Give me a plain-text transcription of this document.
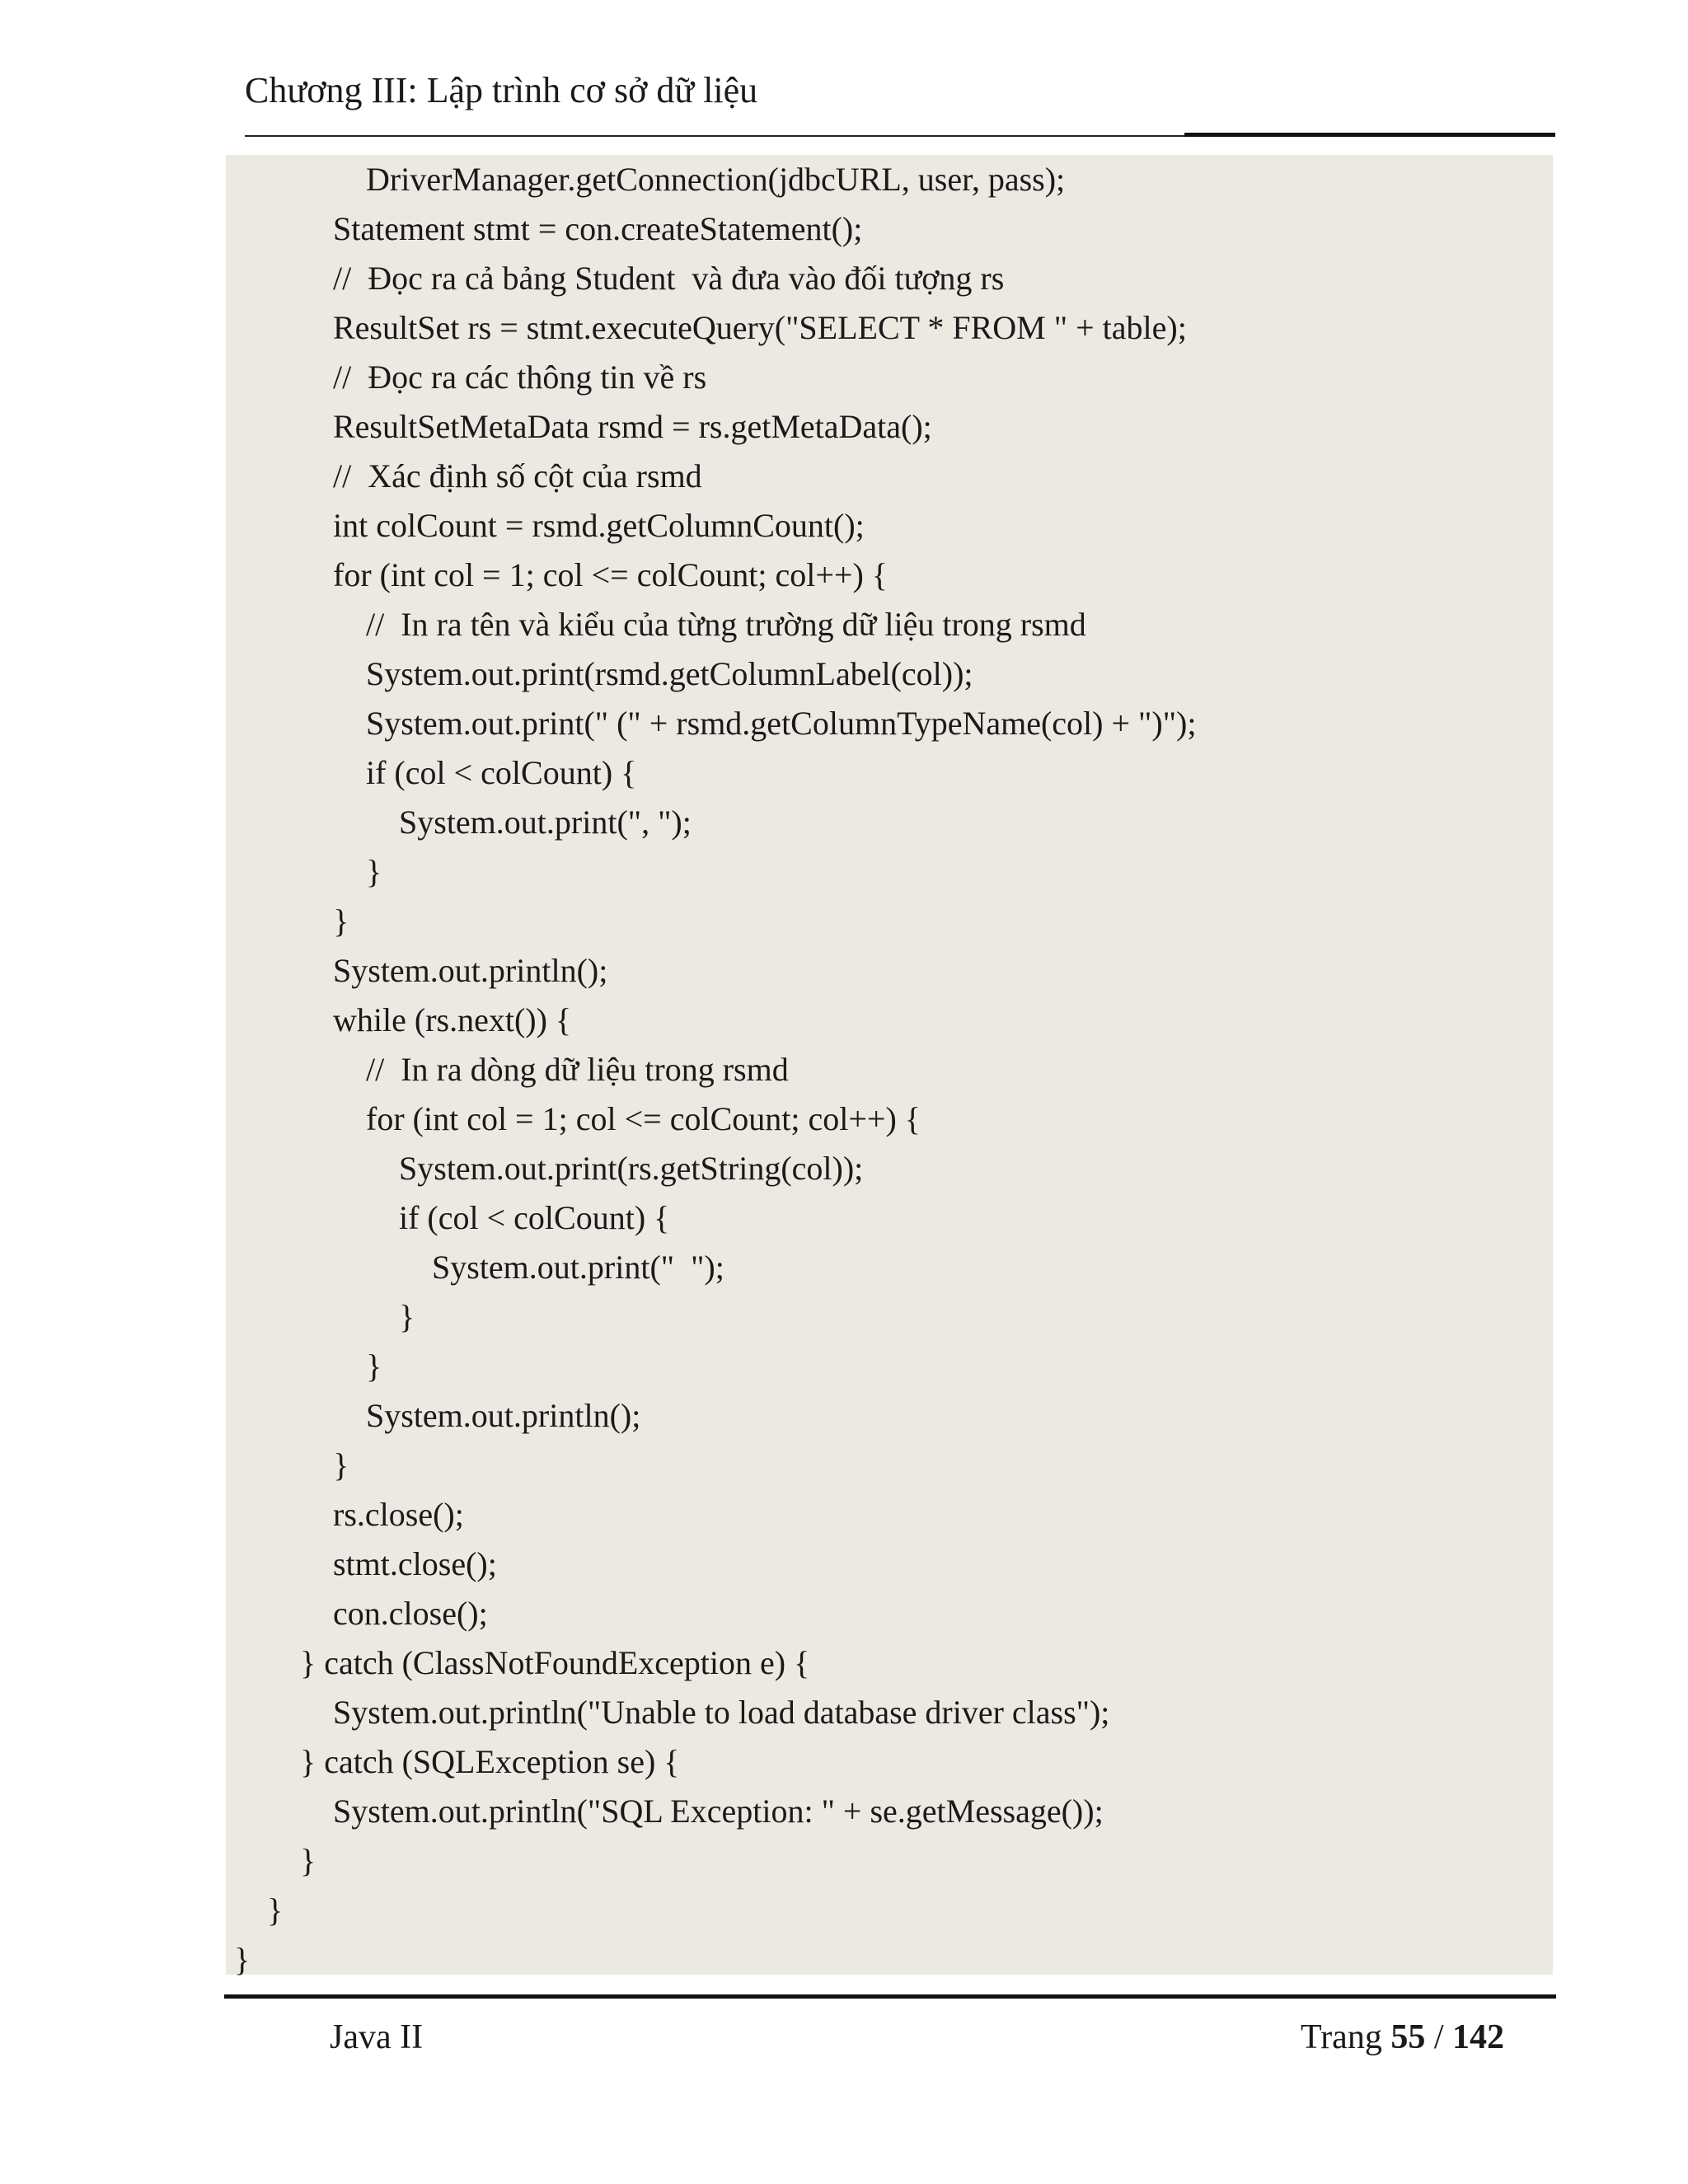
Chương III: Lập trình cơ sở dữ liệu
DriverManager.getConnection(jdbcURL, user, pass);
Statement stmt = con.createStatement();
//  Đọc ra cả bảng Student  và đưa vào đối tượng rs
ResultSet rs = stmt.executeQuery("SELECT * FROM " + table);
//  Đọc ra các thông tin về rs
ResultSetMetaData rsmd = rs.getMetaData();
//  Xác định số cột của rsmd
int colCount = rsmd.getColumnCount();
for (int col = 1; col <= colCount; col++) {
//  In ra tên và kiểu của từng trường dữ liệu trong rsmd
System.out.print(rsmd.getColumnLabel(col));
System.out.print(" (" + rsmd.getColumnTypeName(col) + ")");
if (col < colCount) {
System.out.print(", ");
}
}
System.out.println();
while (rs.next()) {
//  In ra dòng dữ liệu trong rsmd
for (int col = 1; col <= colCount; col++) {
System.out.print(rs.getString(col));
if (col < colCount) {
System.out.print("  ");
}
}
System.out.println();
}
rs.close();
stmt.close();
con.close();
} catch (ClassNotFoundException e) {
System.out.println("Unable to load database driver class");
} catch (SQLException se) {
System.out.println("SQL Exception: " + se.getMessage());
}
}
}
Java II	Trang 55 / 142
